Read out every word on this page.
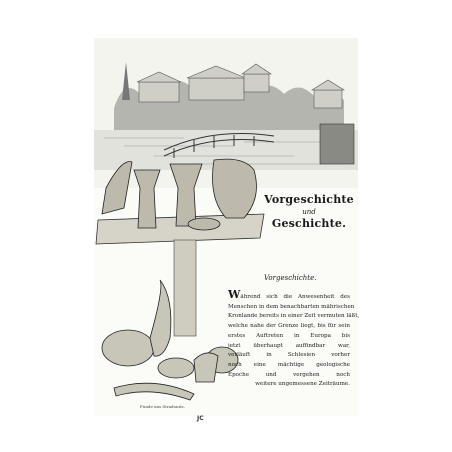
JC
Vorgeschichte
und
Geschichte.
Vorgeschichte.
Während sich die Anwesenheit des
Menschen in dem benachbarten mährischen
Kronlande bereits in einer Zeit vermuten läßt,
welche nahe der Grenze liegt, bis für sein
erstes Auftreten in Europa bis
jetzt überhaupt auffindbar war,
verläuft in Schlesien vorher
noch eine mächtige geologische
Epoche und vergehen noch
weitere ungemessene Zeiträume.
Funde aus Stradonitz.
